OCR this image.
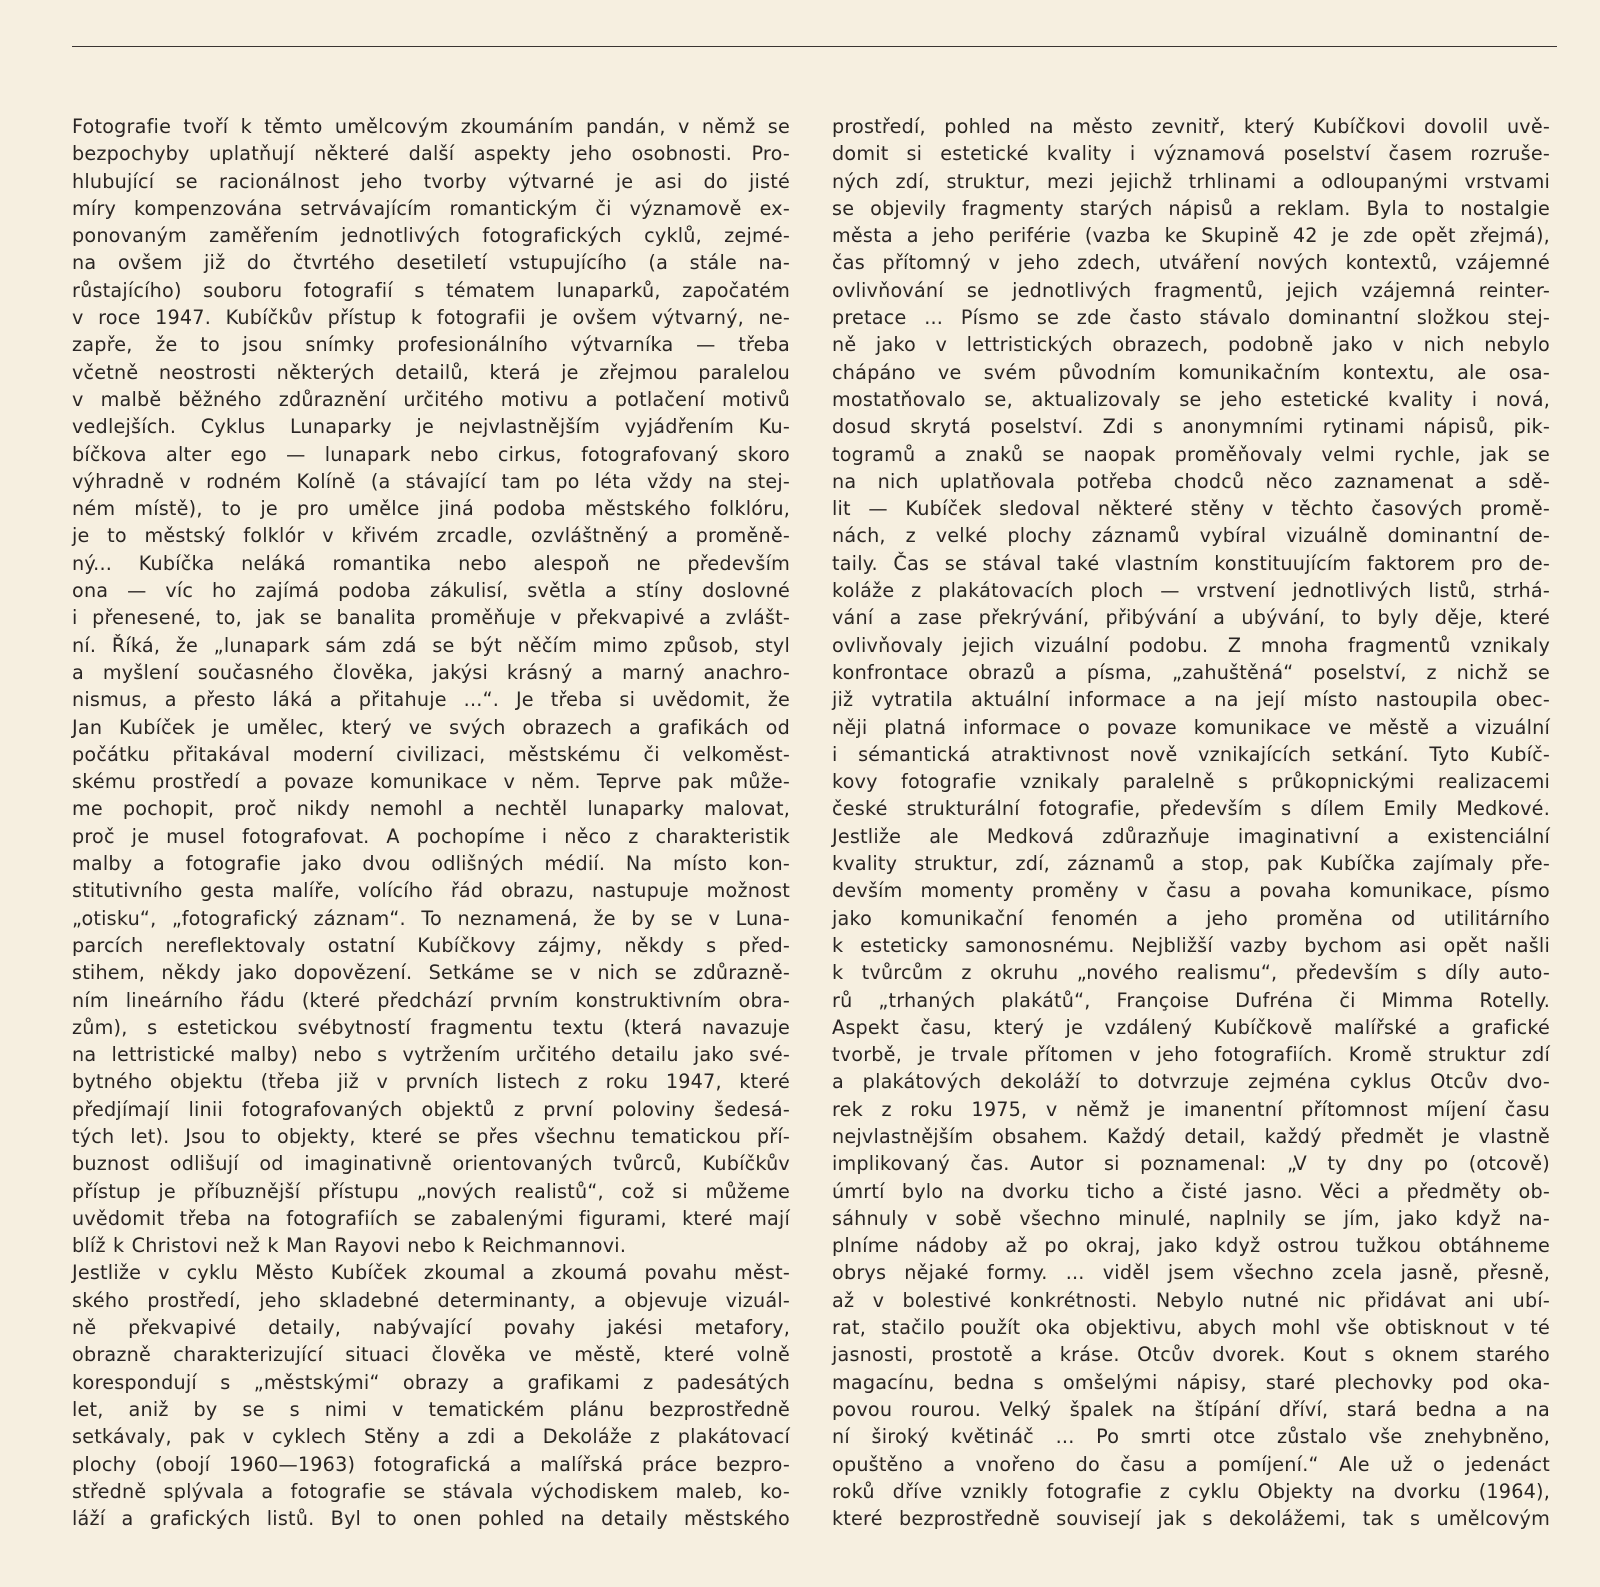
Fotografie tvoří k těmto umělcovým zkoumáním pandán, v němž se
bezpochyby uplatňují některé další aspekty jeho osobnosti. Pro-
hlubující se racionálnost jeho tvorby výtvarné je asi do jisté
míry kompenzována setrvávajícím romantickým či významově ex-
ponovaným zaměřením jednotlivých fotografických cyklů, zejmé-
na ovšem již do čtvrtého desetiletí vstupujícího (a stále na-
růstajícího) souboru fotografií s tématem lunaparků, započatém
v roce 1947. Kubíčkův přístup k fotografii je ovšem výtvarný, ne-
zapře, že to jsou snímky profesionálního výtvarníka — třeba
včetně neostrosti některých detailů, která je zřejmou paralelou
v malbě běžného zdůraznění určitého motivu a potlačení motivů
vedlejších. Cyklus Lunaparky je nejvlastnějším vyjádřením Ku-
bíčkova alter ego — lunapark nebo cirkus, fotografovaný skoro
výhradně v rodném Kolíně (a stávající tam po léta vždy na stej-
ném místě), to je pro umělce jiná podoba městského folklóru,
je to městský folklór v křivém zrcadle, ozvláštněný a proměně-
ný... Kubíčka neláká romantika nebo alespoň ne především
ona — víc ho zajímá podoba zákulisí, světla a stíny doslovné
i přenesené, to, jak se banalita proměňuje v překvapivé a zvlášt-
ní. Říká, že „lunapark sám zdá se být něčím mimo způsob, styl
a myšlení současného člověka, jakýsi krásný a marný anachro-
nismus, a přesto láká a přitahuje ...“. Je třeba si uvědomit, že
Jan Kubíček je umělec, který ve svých obrazech a grafikách od
počátku přitakával moderní civilizaci, městskému či velkoměst-
skému prostředí a povaze komunikace v něm. Teprve pak může-
me pochopit, proč nikdy nemohl a nechtěl lunaparky malovat,
proč je musel fotografovat. A pochopíme i něco z charakteristik
malby a fotografie jako dvou odlišných médií. Na místo kon-
stitutivního gesta malíře, volícího řád obrazu, nastupuje možnost
„otisku“, „fotografický záznam“. To neznamená, že by se v Luna-
parcích nereflektovaly ostatní Kubíčkovy zájmy, někdy s před-
stihem, někdy jako dopovězení. Setkáme se v nich se zdůrazně-
ním lineárního řádu (které předchází prvním konstruktivním obra-
zům), s estetickou svébytností fragmentu textu (která navazuje
na lettristické malby) nebo s vytržením určitého detailu jako své-
bytného objektu (třeba již v prvních listech z roku 1947, které
předjímají linii fotografovaných objektů z první poloviny šedesá-
tých let). Jsou to objekty, které se přes všechnu tematickou pří-
buznost odlišují od imaginativně orientovaných tvůrců, Kubíčkův
přístup je příbuznější přístupu „nových realistů“, což si můžeme
uvědomit třeba na fotografiích se zabalenými figurami, které mají
blíž k Christovi než k Man Rayovi nebo k Reichmannovi.
Jestliže v cyklu Město Kubíček zkoumal a zkoumá povahu měst-
ského prostředí, jeho skladebné determinanty, a objevuje vizuál-
ně překvapivé detaily, nabývající povahy jakési metafory,
obrazně charakterizující situaci člověka ve městě, které volně
korespondují s „městskými“ obrazy a grafikami z padesátých
let, aniž by se s nimi v tematickém plánu bezprostředně
setkávaly, pak v cyklech Stěny a zdi a Dekoláže z plakátovací
plochy (obojí 1960—1963) fotografická a malířská práce bezpro-
středně splývala a fotografie se stávala východiskem maleb, ko-
láží a grafických listů. Byl to onen pohled na detaily městského
prostředí, pohled na město zevnitř, který Kubíčkovi dovolil uvě-
domit si estetické kvality i významová poselství časem rozruše-
ných zdí, struktur, mezi jejichž trhlinami a odloupanými vrstvami
se objevily fragmenty starých nápisů a reklam. Byla to nostalgie
města a jeho periférie (vazba ke Skupině 42 je zde opět zřejmá),
čas přítomný v jeho zdech, utváření nových kontextů, vzájemné
ovlivňování se jednotlivých fragmentů, jejich vzájemná reinter-
pretace ... Písmo se zde často stávalo dominantní složkou stej-
ně jako v lettristických obrazech, podobně jako v nich nebylo
chápáno ve svém původním komunikačním kontextu, ale osa-
mostatňovalo se, aktualizovaly se jeho estetické kvality i nová,
dosud skrytá poselství. Zdi s anonymními rytinami nápisů, pik-
togramů a znaků se naopak proměňovaly velmi rychle, jak se
na nich uplatňovala potřeba chodců něco zaznamenat a sdě-
lit — Kubíček sledoval některé stěny v těchto časových promě-
nách, z velké plochy záznamů vybíral vizuálně dominantní de-
taily. Čas se stával také vlastním konstituujícím faktorem pro de-
koláže z plakátovacích ploch — vrstvení jednotlivých listů, strhá-
vání a zase překrývání, přibývání a ubývání, to byly děje, které
ovlivňovaly jejich vizuální podobu. Z mnoha fragmentů vznikaly
konfrontace obrazů a písma, „zahuštěná“ poselství, z nichž se
již vytratila aktuální informace a na její místo nastoupila obec-
něji platná informace o povaze komunikace ve městě a vizuální
i sémantická atraktivnost nově vznikajících setkání. Tyto Kubíč-
kovy fotografie vznikaly paralelně s průkopnickými realizacemi
české strukturální fotografie, především s dílem Emily Medkové.
Jestliže ale Medková zdůrazňuje imaginativní a existenciální
kvality struktur, zdí, záznamů a stop, pak Kubíčka zajímaly pře-
devším momenty proměny v času a povaha komunikace, písmo
jako komunikační fenomén a jeho proměna od utilitárního
k esteticky samonosnému. Nejbližší vazby bychom asi opět našli
k tvůrcům z okruhu „nového realismu“, především s díly auto-
rů „trhaných plakátů“, Françoise Dufréna či Mimma Rotelly.
Aspekt času, který je vzdálený Kubíčkově malířské a grafické
tvorbě, je trvale přítomen v jeho fotografiích. Kromě struktur zdí
a plakátových dekoláží to dotvrzuje zejména cyklus Otcův dvo-
rek z roku 1975, v němž je imanentní přítomnost míjení času
nejvlastnějším obsahem. Každý detail, každý předmět je vlastně
implikovaný čas. Autor si poznamenal: „V ty dny po (otcově)
úmrtí bylo na dvorku ticho a čisté jasno. Věci a předměty ob-
sáhnuly v sobě všechno minulé, naplnily se jím, jako když na-
plníme nádoby až po okraj, jako když ostrou tužkou obtáhneme
obrys nějaké formy. ... viděl jsem všechno zcela jasně, přesně,
až v bolestivé konkrétnosti. Nebylo nutné nic přidávat ani ubí-
rat, stačilo použít oka objektivu, abych mohl vše obtisknout v té
jasnosti, prostotě a kráse. Otcův dvorek. Kout s oknem starého
magacínu, bedna s omšelými nápisy, staré plechovky pod oka-
povou rourou. Velký špalek na štípání dříví, stará bedna a na
ní široký květináč ... Po smrti otce zůstalo vše znehybněno,
opuštěno a vnořeno do času a pomíjení.“ Ale už o jedenáct
roků dříve vznikly fotografie z cyklu Objekty na dvorku (1964),
které bezprostředně souvisejí jak s dekolážemi, tak s umělcovým
